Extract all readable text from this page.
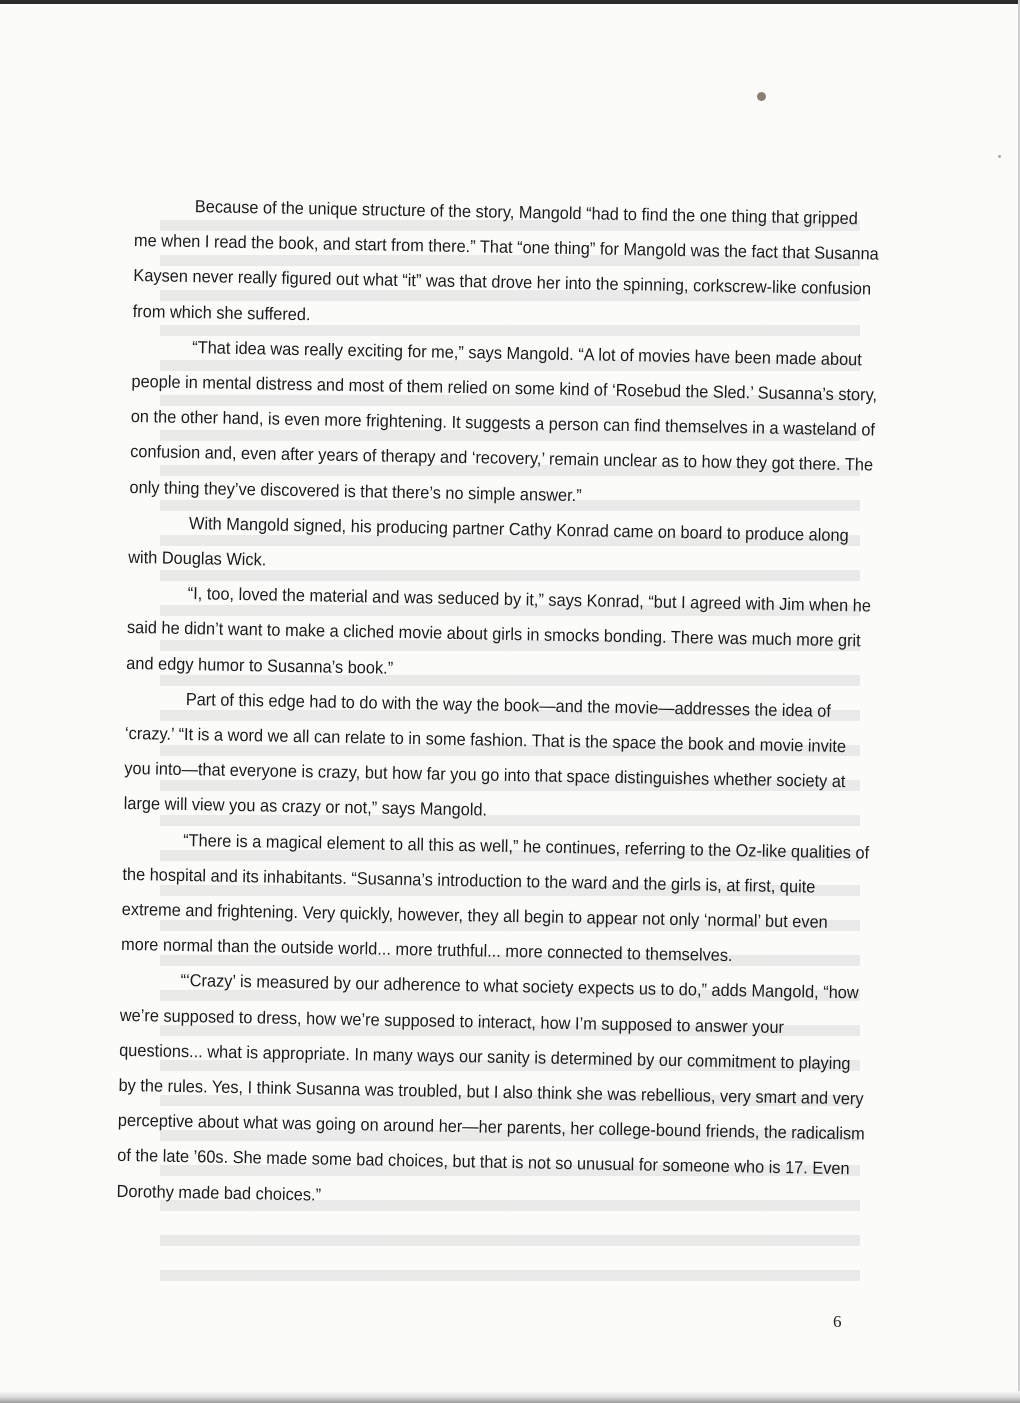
Because of the unique structure of the story, Mangold “had to find the one thing that gripped me when I read the book, and start from there.” That “one thing” for Mangold was the fact that Susanna Kaysen never really figured out what “it” was that drove her into the spinning, corkscrew-like confusion from which she suffered.

“That idea was really exciting for me,” says Mangold. “A lot of movies have been made about people in mental distress and most of them relied on some kind of ‘Rosebud the Sled.’ Susanna’s story, on the other hand, is even more frightening. It suggests a person can find themselves in a wasteland of confusion and, even after years of therapy and ‘recovery,’ remain unclear as to how they got there. The only thing they’ve discovered is that there’s no simple answer.”

With Mangold signed, his producing partner Cathy Konrad came on board to produce along with Douglas Wick.

“I, too, loved the material and was seduced by it,” says Konrad, “but I agreed with Jim when he said he didn’t want to make a cliched movie about girls in smocks bonding. There was much more grit and edgy humor to Susanna’s book.”

Part of this edge had to do with the way the book—and the movie—addresses the idea of ‘crazy.’ “It is a word we all can relate to in some fashion. That is the space the book and movie invite you into—that everyone is crazy, but how far you go into that space distinguishes whether society at large will view you as crazy or not,” says Mangold.

“There is a magical element to all this as well,” he continues, referring to the Oz-like qualities of the hospital and its inhabitants. “Susanna’s introduction to the ward and the girls is, at first, quite extreme and frightening. Very quickly, however, they all begin to appear not only ‘normal’ but even more normal than the outside world... more truthful... more connected to themselves.

“‘Crazy’ is measured by our adherence to what society expects us to do,” adds Mangold, “how we’re supposed to dress, how we’re supposed to interact, how I’m supposed to answer your questions... what is appropriate. In many ways our sanity is determined by our commitment to playing by the rules. Yes, I think Susanna was troubled, but I also think she was rebellious, very smart and very perceptive about what was going on around her—her parents, her college-bound friends, the radicalism of the late ’60s. She made some bad choices, but that is not so unusual for someone who is 17. Even Dorothy made bad choices.”

6
